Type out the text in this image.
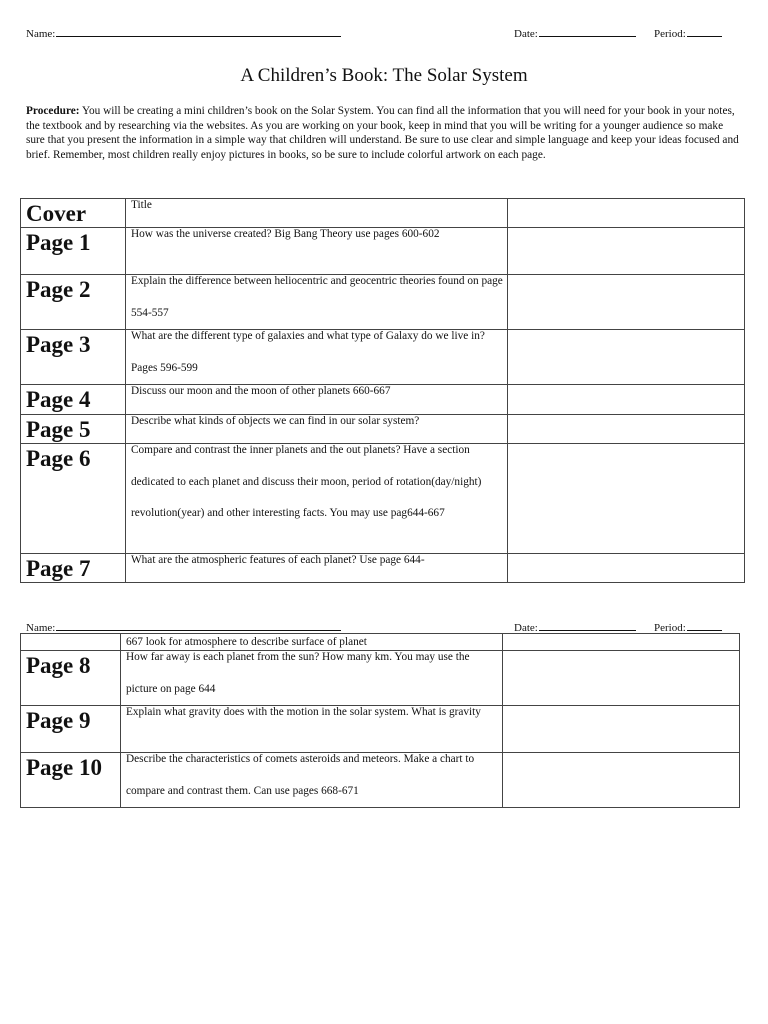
Name:	Date:	Period:
A Children’s Book: The Solar System
Procedure: You will be creating a mini children’s book on the Solar System. You can find all the information that you will need for your book in your notes, the textbook and by researching via the websites. As you are working on your book, keep in mind that you will be writing for a younger audience so make sure that you present the information in a simple way that children will understand. Be sure to use clear and simple language and keep your ideas focused and brief. Remember, most children really enjoy pictures in books, so be sure to include colorful artwork on each page.
Cover	Title	

Page 1	How was the universe created? Big Bang Theory use pages 600-602	

Page 2	Explain the difference between heliocentric and geocentric theories found on page 554-557	

Page 3	What are the different type of galaxies and what type of Galaxy do we live in? Pages 596-599	

Page 4	Discuss our moon and the moon of other planets 660-667	

Page 5	Describe what kinds of objects we can find in our solar system?	

Page 6	Compare and contrast the inner planets and the out planets? Have a section dedicated to each planet and discuss their moon, period of rotation(day/night) revolution(year) and other interesting facts. You may use pag644-667	

Page 7	What are the atmospheric features of each planet? Use page 644-	

Name:	Date:	Period:

	667 look for atmosphere to describe surface of planet	

Page 8	How far away is each planet from the sun? How many km. You may use the picture on page 644	

Page 9	Explain what gravity does with the motion in the solar system. What is gravity	

Page 10	Describe the characteristics of comets asteroids and meteors. Make a chart to compare and contrast them. Can use pages 668-671	
